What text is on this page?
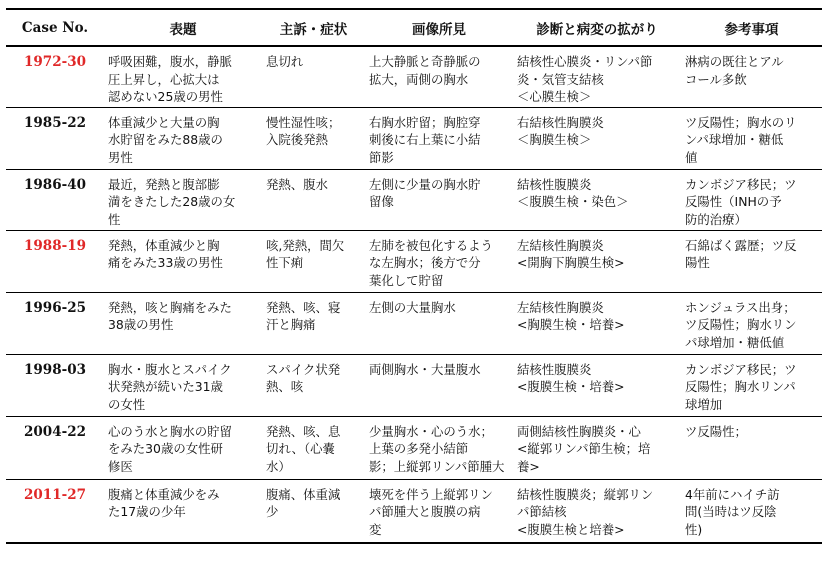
Case No.	表題	主訴・症状	画像所見	診断と病変の拡がり	参考事項
1972-30	呼吸困難，腹水，静脈
圧上昇し，心拡大は
認めない25歳の男性	息切れ	上大静脈と奇静脈の
拡大，両側の胸水	結核性心膜炎・リンパ節
炎・気管支結核
＜心膜生検＞	淋病の既往とアル
コール多飲

1985-22	体重減少と大量の胸
水貯留をみた88歳の
男性	慢性湿性咳；
入院後発熱	右胸水貯留；胸腔穿
刺後に右上葉に小結
節影	右結核性胸膜炎
＜胸膜生検＞	ツ反陽性；胸水のリ
ンパ球増加・糖低
値

1986-40	最近，発熱と腹部膨
満をきたした28歳の女
性	発熱、腹水	左側に少量の胸水貯
留像	結核性腹膜炎
＜腹膜生検・染色＞	カンボジア移民；ツ
反陽性（INHの予
防的治療）

1988-19	発熱，体重減少と胸
痛をみた33歳の男性	咳,発熱，間欠
性下痢	左肺を被包化するよう
な左胸水；後方で分
葉化して貯留	左結核性胸膜炎
<開胸下胸膜生検>	石綿ばく露歴；ツ反
陽性

1996-25	発熱，咳と胸痛をみた
38歳の男性	発熱、咳、寝
汗と胸痛	左側の大量胸水	左結核性胸膜炎
<胸膜生検・培養>	ホンジュラス出身；
ツ反陽性；胸水リン
パ球増加・糖低値

1998-03	胸水・腹水とスパイク
状発熱が続いた31歳
の女性	スパイク状発
熱、咳	両側胸水・大量腹水	結核性腹膜炎
<腹膜生検・培養>	カンボジア移民；ツ
反陽性；胸水リンパ
球増加

2004-22	心のう水と胸水の貯留
をみた30歳の女性研
修医	発熱、咳、息
切れ、（心嚢
水）	少量胸水・心のう水；
上葉の多発小結節
影；上縦郭リンパ節腫大	両側結核性胸膜炎・心
<縦郭リンパ節生検；培
養>	ツ反陽性；

2011-27	腹痛と体重減少をみ
た17歳の少年	腹痛、体重減
少	壊死を伴う上縦郭リン
パ節腫大と腹膜の病
変	結核性腹膜炎；縦郭リン
パ節結核
<腹膜生検と培養>	4年前にハイチ訪
問(当時はツ反陰
性)
